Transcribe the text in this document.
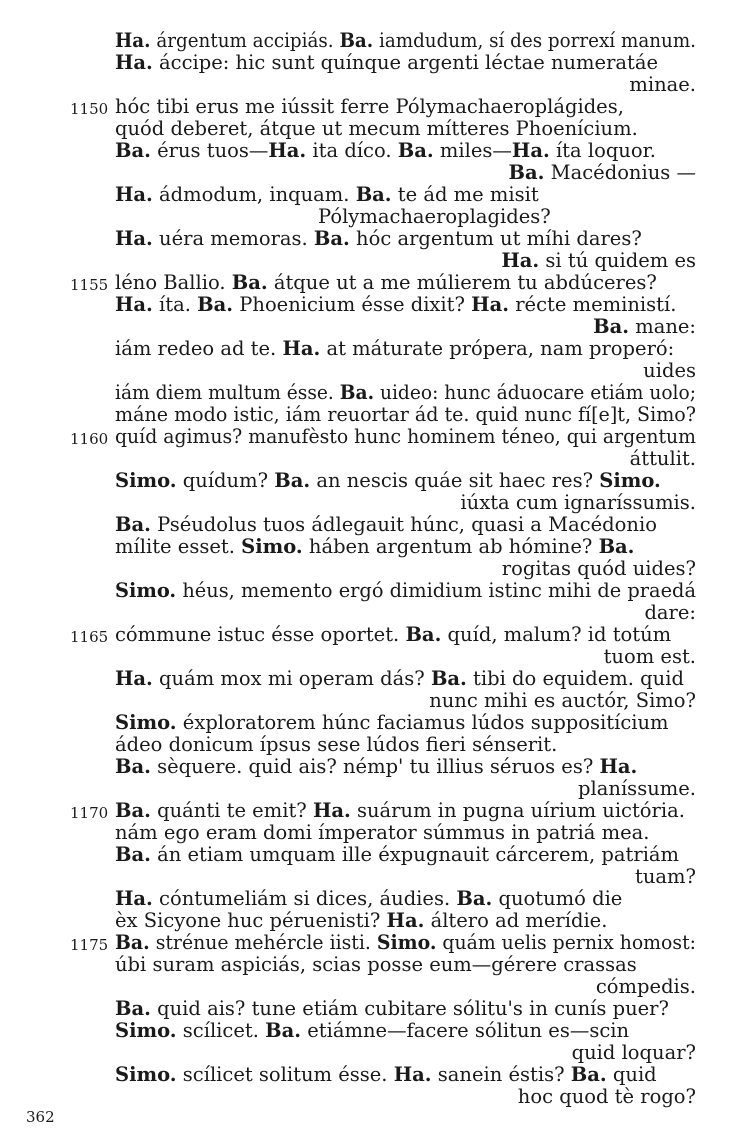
362
Ha. árgentum accipiás. Ba. iamdudum, sí des porrexí manum.
Ha. áccipe: hic sunt quínque argenti léctae numeratáe
minae.
hóc tibi erus me iússit ferre Pólymachaeroplágides,
1150
quód deberet, átque ut mecum mítteres Phoenícium.
Ba. érus tuos—Ha. ita díco. Ba. miles—Ha. íta loquor.
Ba. Macédonius —
Ha. ádmodum, inquam. Ba. te ád me misit
Pólymachaeroplagides?
Ha. uéra memoras. Ba. hóc argentum ut míhi dares?
Ha. si tú quidem es
léno Ballio. Ba. átque ut a me múlierem tu abdúceres?
1155
Ha. íta. Ba. Phoenicium ésse dixit? Ha. récte meministí.
Ba. mane:
iám redeo ad te. Ha. at máturate própera, nam properó:
uides
iám diem multum ésse. Ba. uideo: hunc áduocare etiám uolo;
máne modo istic, iám reuortar ád te. quid nunc fí[e]t, Simo?
quíd agimus? manufèsto hunc hominem téneo, qui argentum
1160
áttulit.
Simo. quídum? Ba. an nescis quáe sit haec res? Simo.
iúxta cum ignaríssumis.
Ba. Pséudolus tuos ádlegauit húnc, quasi a Macédonio
mílite esset. Simo. háben argentum ab hómine? Ba.
rogitas quód uides?
Simo. héus, memento ergó dimidium istinc mihi de praedá
dare:
cómmune istuc ésse oportet. Ba. quíd, malum? id totúm
1165
tuom est.
Ha. quám mox mi operam dás? Ba. tibi do equidem. quid
nunc mihi es auctór, Simo?
Simo. éxploratorem húnc faciamus lúdos suppositícium
ádeo donicum ípsus sese lúdos fieri sénserit.
Ba. sèquere. quid ais? némp' tu illius séruos es? Ha.
planíssume.
Ba. quánti te emit? Ha. suárum in pugna uírium uictória.
1170
nám ego eram domi ímperator súmmus in patriá mea.
Ba. án etiam umquam ille éxpugnauit cárcerem, patriám
tuam?
Ha. cóntumeliám si dices, áudies. Ba. quotumó die
èx Sicyone huc péruenisti? Ha. áltero ad merídie.
Ba. strénue mehércle iisti. Simo. quám uelis pernix homost:
1175
úbi suram aspiciás, scias posse eum—gérere crassas
cómpedis.
Ba. quid ais? tune etiám cubitare sólitu's in cunís puer?
Simo. scílicet. Ba. etiámne—facere sólitun es—scin
quid loquar?
Simo. scílicet solitum ésse. Ha. sanein éstis? Ba. quid
hoc quod tè rogo?
